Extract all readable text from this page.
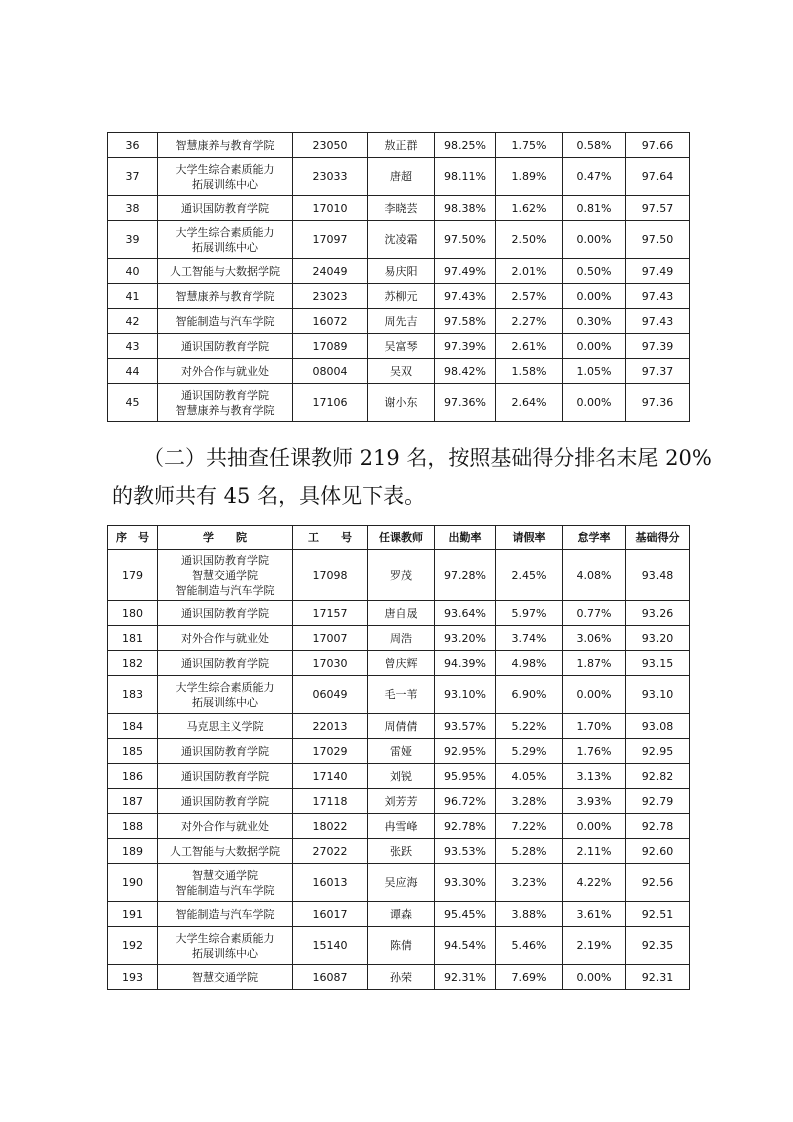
36	智慧康养与教育学院	23050	敖正群	98.25%	1.75%	0.58%	97.66
37	大学生综合素质能力
拓展训练中心	23033	唐超	98.11%	1.89%	0.47%	97.64
38	通识国防教育学院	17010	李晓芸	98.38%	1.62%	0.81%	97.57
39	大学生综合素质能力
拓展训练中心	17097	沈凌霜	97.50%	2.50%	0.00%	97.50
40	人工智能与大数据学院	24049	易庆阳	97.49%	2.01%	0.50%	97.49
41	智慧康养与教育学院	23023	苏柳元	97.43%	2.57%	0.00%	97.43
42	智能制造与汽车学院	16072	周先吉	97.58%	2.27%	0.30%	97.43
43	通识国防教育学院	17089	吴富琴	97.39%	2.61%	0.00%	97.39
44	对外合作与就业处	08004	吴双	98.42%	1.58%	1.05%	97.37
45	通识国防教育学院
智慧康养与教育学院	17106	谢小东	97.36%	2.64%	0.00%	97.36
（二）共抽查任课教师 219 名，按照基础得分排名末尾 20%
的教师共有 45 名，具体见下表。
序　号	学　　院	工　　号	任课教师	出勤率	请假率	怠学率	基础得分
179	通识国防教育学院
智慧交通学院
智能制造与汽车学院	17098	罗茂	97.28%	2.45%	4.08%	93.48
180	通识国防教育学院	17157	唐自晟	93.64%	5.97%	0.77%	93.26
181	对外合作与就业处	17007	周浩	93.20%	3.74%	3.06%	93.20
182	通识国防教育学院	17030	曾庆辉	94.39%	4.98%	1.87%	93.15
183	大学生综合素质能力
拓展训练中心	06049	毛一苇	93.10%	6.90%	0.00%	93.10
184	马克思主义学院	22013	周倩倩	93.57%	5.22%	1.70%	93.08
185	通识国防教育学院	17029	雷娅	92.95%	5.29%	1.76%	92.95
186	通识国防教育学院	17140	刘锐	95.95%	4.05%	3.13%	92.82
187	通识国防教育学院	17118	刘芳芳	96.72%	3.28%	3.93%	92.79
188	对外合作与就业处	18022	冉雪峰	92.78%	7.22%	0.00%	92.78
189	人工智能与大数据学院	27022	张跃	93.53%	5.28%	2.11%	92.60
190	智慧交通学院
智能制造与汽车学院	16013	吴应海	93.30%	3.23%	4.22%	92.56
191	智能制造与汽车学院	16017	谭森	95.45%	3.88%	3.61%	92.51
192	大学生综合素质能力
拓展训练中心	15140	陈倩	94.54%	5.46%	2.19%	92.35
193	智慧交通学院	16087	孙荣	92.31%	7.69%	0.00%	92.31
